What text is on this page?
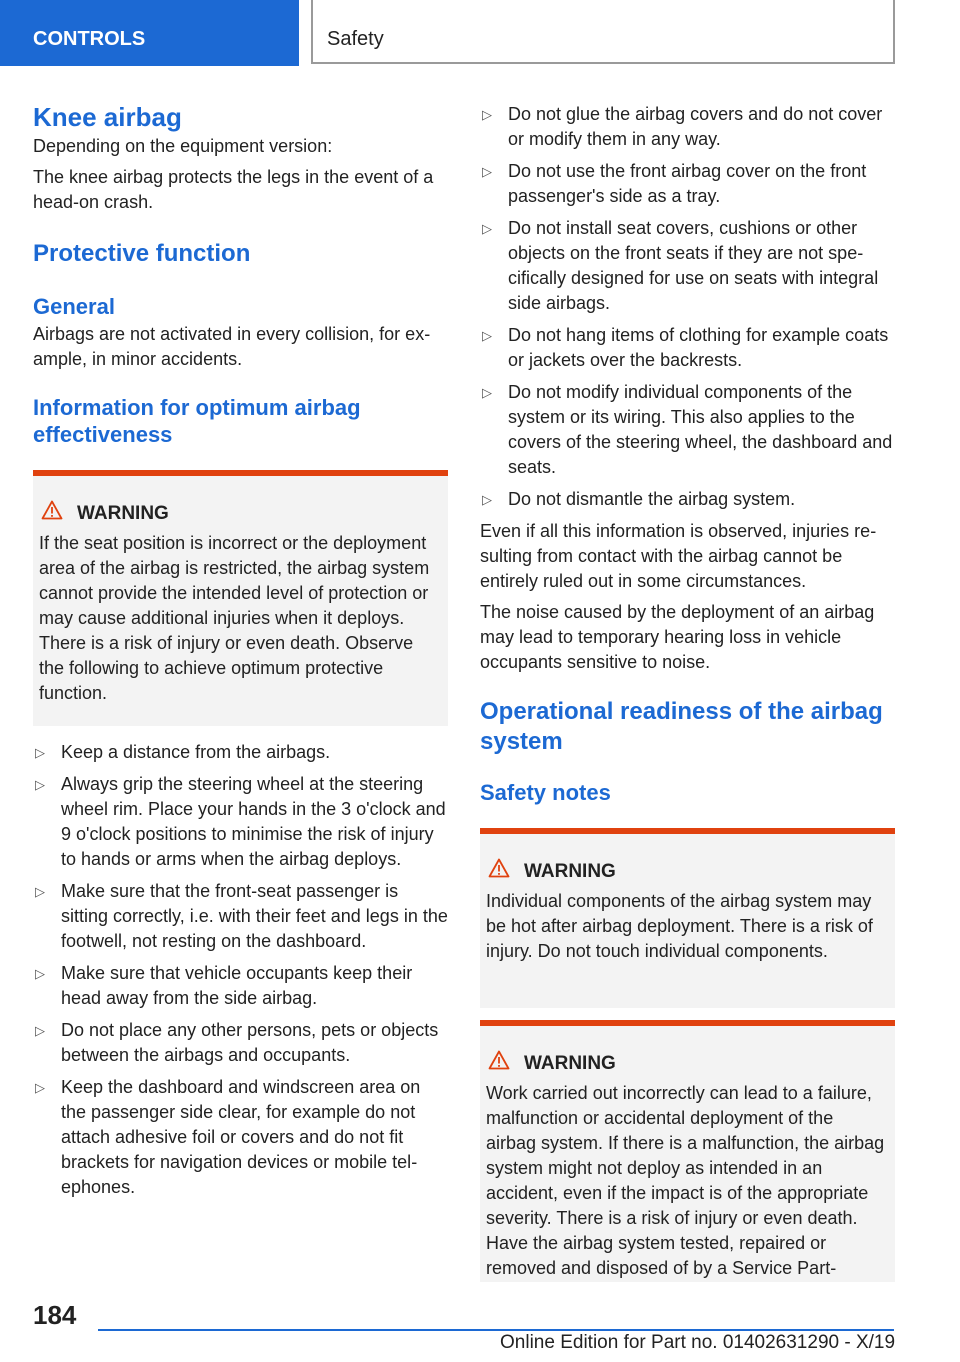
CONTROLS	Safety
Knee airbag

Depending on the equipment version:

The knee airbag protects the legs in the event of a head-on crash.

Protective function
General

Airbags are not activated in every collision, for example, in minor accidents.

Information for optimum airbag effectiveness
WARNING
If the seat position is incorrect or the deployment area of the airbag is restricted, the airbag system cannot provide the intended level of protection or may cause additional injuries when it deploys. There is a risk of injury or even death. Observe the following to achieve optimum protective function.
▷ Keep a distance from the airbags.
▷ Always grip the steering wheel at the steering wheel rim. Place your hands in the 3 o'clock and 9 o'clock positions to minimise the risk of injury to hands or arms when the airbag deploys.
▷ Make sure that the front-seat passenger is sitting correctly, i.e. with their feet and legs in the footwell, not resting on the dashboard.
▷ Make sure that vehicle occupants keep their head away from the side airbag.
▷ Do not place any other persons, pets or objects between the airbags and occupants.
▷ Keep the dashboard and windscreen area on the passenger side clear, for example do not attach adhesive foil or covers and do not fit brackets for navigation devices or mobile telephones.
▷ Do not glue the airbag covers and do not cover or modify them in any way.
▷ Do not use the front airbag cover on the front passenger's side as a tray.
▷ Do not install seat covers, cushions or other objects on the front seats if they are not specifically designed for use on seats with integral side airbags.
▷ Do not hang items of clothing for example coats or jackets over the backrests.
▷ Do not modify individual components of the system or its wiring. This also applies to the covers of the steering wheel, the dashboard and seats.
▷ Do not dismantle the airbag system.

Even if all this information is observed, injuries resulting from contact with the airbag cannot be entirely ruled out in some circumstances.

The noise caused by the deployment of an airbag may lead to temporary hearing loss in vehicle occupants sensitive to noise.

Operational readiness of the airbag system
Safety notes
WARNING
Individual components of the airbag system may be hot after airbag deployment. There is a risk of injury. Do not touch individual components.
WARNING
Work carried out incorrectly can lead to a failure, malfunction or accidental deployment of the airbag system. If there is a malfunction, the airbag system might not deploy as intended in an accident, even if the impact is of the appropriate severity. There is a risk of injury or even death. Have the airbag system tested, repaired or removed and disposed of by a Service Part-
184
Online Edition for Part no. 01402631290 - X/19
